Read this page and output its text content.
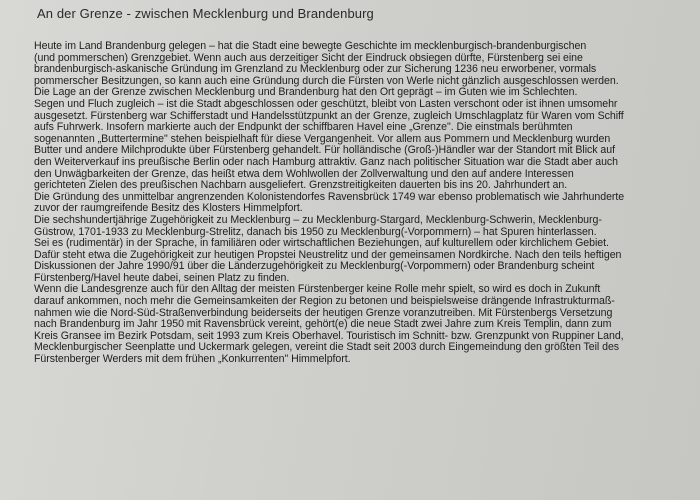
An der Grenze - zwischen Mecklenburg und Brandenburg
Heute im Land Brandenburg gelegen – hat die Stadt eine bewegte Geschichte im mecklenburgisch-brandenburgischen
(und pommerschen) Grenzgebiet. Wenn auch aus derzeitiger Sicht der Eindruck obsiegen dürfte, Fürstenberg sei eine
brandenburgisch-askanische Gründung im Grenzland zu Mecklenburg oder zur Sicherung 1236 neu erworbener, vormals
pommerscher Besitzungen, so kann auch eine Gründung durch die Fürsten von Werle nicht gänzlich ausgeschlossen werden.
Die Lage an der Grenze zwischen Mecklenburg und Brandenburg hat den Ort geprägt – im Guten wie im Schlechten.
Segen und Fluch zugleich – ist die Stadt abgeschlossen oder geschützt, bleibt von Lasten verschont oder ist ihnen umsomehr
ausgesetzt. Fürstenberg war Schifferstadt und Handelsstützpunkt an der Grenze, zugleich Umschlagplatz für Waren vom Schiff
aufs Fuhrwerk. Insofern markierte auch der Endpunkt der schiffbaren Havel eine „Grenze". Die einstmals berühmten
sogenannten „Buttertermine" stehen beispielhaft für diese Vergangenheit. Vor allem aus Pommern und Mecklenburg wurden
Butter und andere Milchprodukte über Fürstenberg gehandelt. Für holländische (Groß-)Händler war der Standort mit Blick auf
den Weiterverkauf ins preußische Berlin oder nach Hamburg attraktiv. Ganz nach politischer Situation war die Stadt aber auch
den Unwägbarkeiten der Grenze, das heißt etwa dem Wohlwollen der Zollverwaltung und den auf andere Interessen
gerichteten Zielen des preußischen Nachbarn ausgeliefert. Grenzstreitigkeiten dauerten bis ins 20. Jahrhundert an.
Die Gründung des unmittelbar angrenzenden Kolonistendorfes Ravensbrück 1749 war ebenso problematisch wie Jahrhunderte
zuvor der raumgreifende Besitz des Klosters Himmelpfort.
Die sechshundertjährige Zugehörigkeit zu Mecklenburg – zu Mecklenburg-Stargard, Mecklenburg-Schwerin, Mecklenburg-
Güstrow, 1701-1933 zu Mecklenburg-Strelitz, danach bis 1950 zu Mecklenburg(-Vorpommern) – hat Spuren hinterlassen.
Sei es (rudimentär) in der Sprache, in familiären oder wirtschaftlichen Beziehungen, auf kulturellem oder kirchlichem Gebiet.
Dafür steht etwa die Zugehörigkeit zur heutigen Propstei Neustrelitz und der gemeinsamen Nordkirche. Nach den teils heftigen
Diskussionen der Jahre 1990/91 über die Länderzugehörigkeit zu Mecklenburg(-Vorpommern) oder Brandenburg scheint
Fürstenberg/Havel heute dabei, seinen Platz zu finden.
Wenn die Landesgrenze auch für den Alltag der meisten Fürstenberger keine Rolle mehr spielt, so wird es doch in Zukunft
darauf ankommen, noch mehr die Gemeinsamkeiten der Region zu betonen und beispielsweise drängende Infrastrukturmaß-
nahmen wie die Nord-Süd-Straßenverbindung beiderseits der heutigen Grenze voranzutreiben. Mit Fürstenbergs Versetzung
nach Brandenburg im Jahr 1950 mit Ravensbrück vereint, gehört(e) die neue Stadt zwei Jahre zum Kreis Templin, dann zum
Kreis Gransee im Bezirk Potsdam, seit 1993 zum Kreis Oberhavel. Touristisch im Schnitt- bzw. Grenzpunkt von Ruppiner Land,
Mecklenburgischer Seenplatte und Uckermark gelegen, vereint die Stadt seit 2003 durch Eingemeindung den größten Teil des
Fürstenberger Werders mit dem frühen „Konkurrenten" Himmelpfort.
